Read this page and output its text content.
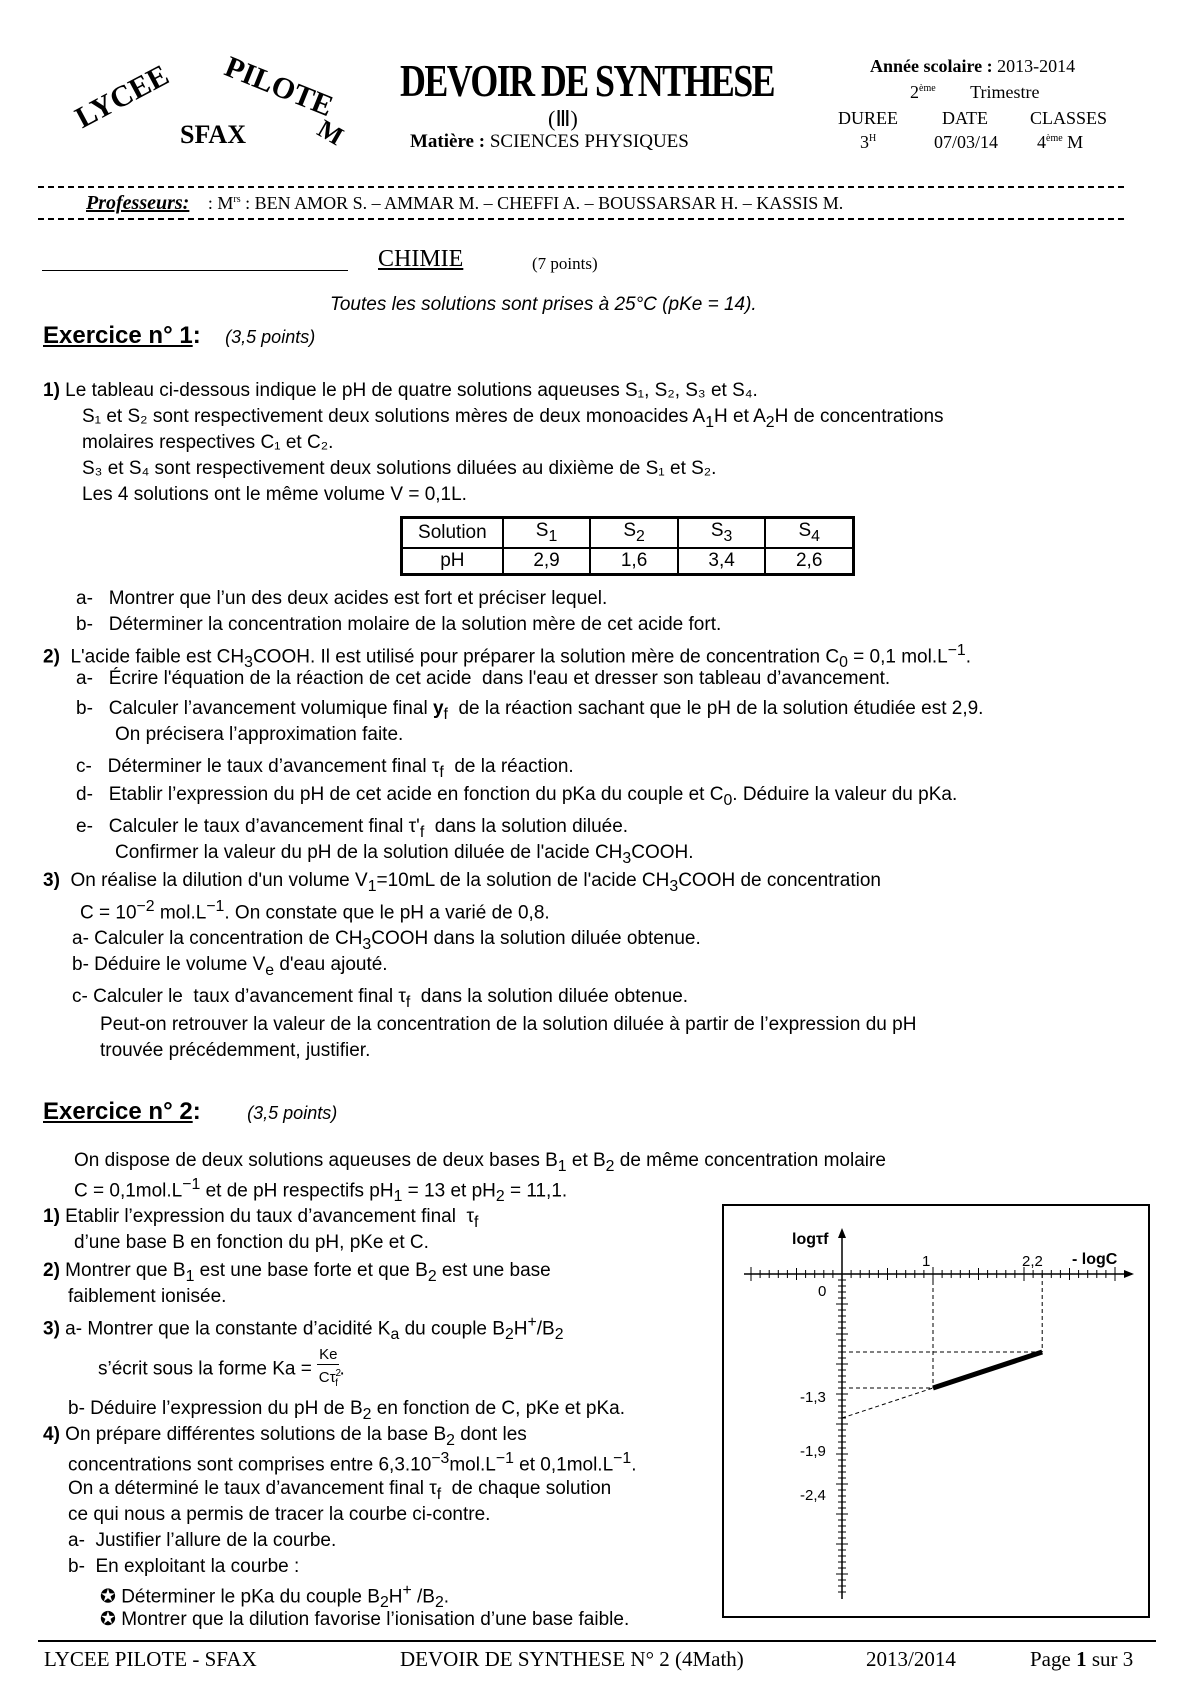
LYCEE PILOTE
SFAX	M
DEVOIR DE SYNTHESE
(Ⅲ)
Matière : SCIENCES PHYSIQUES
Année scolaire : 2013-2014
2ème Trimestre
DUREE DATE CLASSES
$3^H$	07/03/14 4ème M
Professeurs: : $M^{rs}$ : BEN AMOR S. – AMMAR M. – CHEFFI A. – BOUSSARSAR H. – KASSIS M.
CHIMIE	(7 points)
Toutes les solutions sont prises à 25°C (pKe = 14).
Exercice n° 1: (3,5 points)
1) Le tableau ci-dessous indique le pH de quatre solutions aqueuses S₁, S₂, S₃ et S₄.
S₁ et S₂ sont respectivement deux solutions mères de deux monoacides $A_1H$ et $A_2H$ de concentrations
molaires respectives C₁ et C₂.
S₃ et S₄ sont respectivement deux solutions diluées au dixième de S₁ et S₂.
Les 4 solutions ont le même volume V = 0,1L.
Solution	$S_1$	$S_2$	$S_3$	$S_4$
pH	2,9	1,6	3,4	2,6
a-   Montrer que l’un des deux acides est fort et préciser lequel.
b-   Déterminer la concentration molaire de la solution mère de cet acide fort.
2)  L'acide faible est $CH_3COOH$. Il est utilisé pour préparer la solution mère de concentration $C_0 = 0,1$ $mol.L^{-1}$.
a-   Écrire l'équation de la réaction de cet acide  dans l'eau et dresser son tableau d’avancement.
b-   Calculer l’avancement volumique final $y_f$  de la réaction sachant que le pH de la solution étudiée est 2,9.
On précisera l’approximation faite.
c-   Déterminer le taux d’avancement final $\tau_f$  de la réaction.
d-   Etablir l’expression du pH de cet acide en fonction du pKa du couple et $C_0$. Déduire la valeur du pKa.
e-   Calculer le taux d’avancement final $\tau'_f$  dans la solution diluée.
Confirmer la valeur du pH de la solution diluée de l'acide $CH_3COOH$.
3)  On réalise la dilution d'un volume $V_1=10mL$ de la solution de l'acide $CH_3COOH$ de concentration
$C = 10^{-2}$ $mol.L^{-1}$. On constate que le pH a varié de 0,8.
a- Calculer la concentration de $CH_3COOH$ dans la solution diluée obtenue.
b- Déduire le volume $V_e$ d'eau ajouté.
c- Calculer le  taux d’avancement final $\tau_f$  dans la solution diluée obtenue.
Peut-on retrouver la valeur de la concentration de la solution diluée à partir de l’expression du pH
trouvée précédemment, justifier.
Exercice n° 2:	(3,5 points)
On dispose de deux solutions aqueuses de deux bases $B_1$ et $B_2$ de même concentration molaire
$C = 0,1mol.L^{-1}$ et de pH respectifs $pH_1 = 13$ et $pH_2 = 11,1$.
1) Etablir l’expression du taux d’avancement final  $\tau_f$
d’une base B en fonction du pH, pKe et C.
2) Montrer que $B_1$ est une base forte et que $B_2$ est une base
faiblement ionisée.
3) a- Montrer que la constante d’acidité $K_a$ du couple $B_2H^+/B_2$
s’écrit sous la forme $Ka = \frac{Ke}{C\tau^2_f}$ .
b- Déduire l’expression du pH de $B_2$ en fonction de C, pKe et pKa.
4) On prépare différentes solutions de la base $B_2$ dont les
concentrations sont comprises entre $6,3.10^{-3}mol.L^{-1}$ et $0,1mol.L^{-1}$.
On a déterminé le taux d’avancement final $\tau_f$  de chaque solution
ce qui nous a permis de tracer la courbe ci-contre.
a-  Justifier l’allure de la courbe.
b-  En exploitant la courbe :
✪ Déterminer le pKa du couple $B_2H^+$ $/B_2$.
✪ Montrer que la dilution favorise l’ionisation d’une base faible.
logτf
- logC
1	2,2
0
-1,3
-1,9
-2,4
LYCEE PILOTE - SFAX	DEVOIR DE SYNTHESE N° 2 (4Math)	2013/2014	Page 1 sur 3
